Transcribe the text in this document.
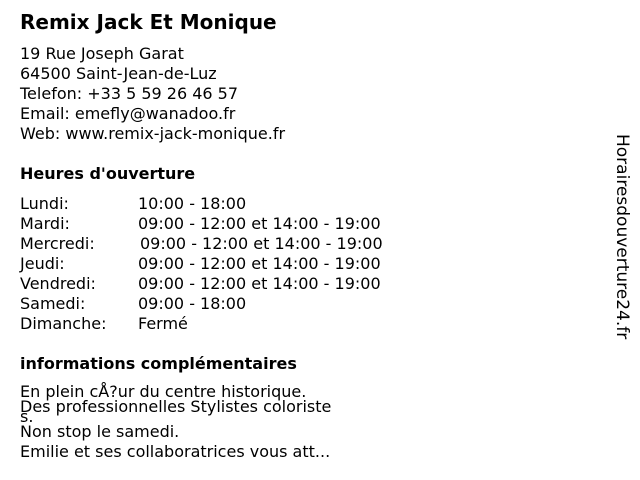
Remix Jack Et Monique
19 Rue Joseph Garat
64500 Saint-Jean-de-Luz
Telefon: +33 5 59 26 46 57
Email: emefly@wanadoo.fr
Web: www.remix-jack-monique.fr
Heures d'ouverture
Lundi:	10:00 - 18:00
Mardi:	09:00 - 12:00 et 14:00 - 19:00
Mercredi:	09:00 - 12:00 et 14:00 - 19:00
Jeudi:	09:00 - 12:00 et 14:00 - 19:00
Vendredi:	09:00 - 12:00 et 14:00 - 19:00
Samedi:	09:00 - 18:00
Dimanche: Fermé
informations complémentaires
En plein cÅ?ur du centre historique.
Des professionnelles Stylistes coloristes.
Non stop le samedi.
Emilie et ses collaboratrices vous att...
Horairesdouverture24.fr
